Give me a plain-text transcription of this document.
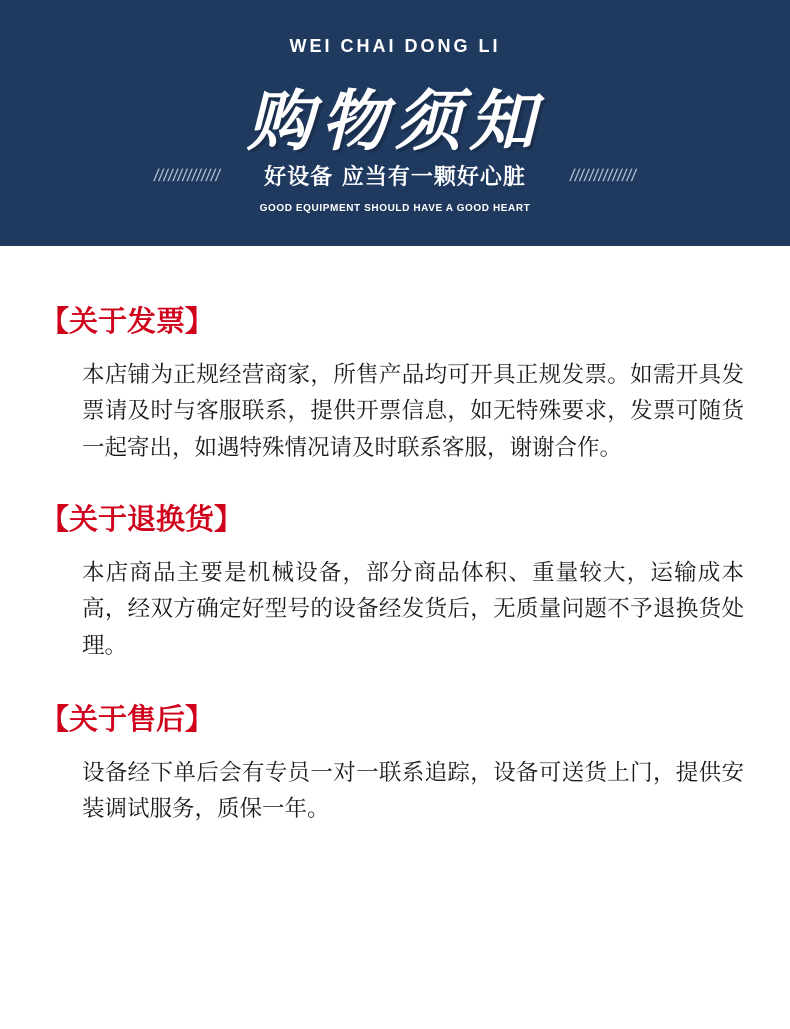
WEI CHAI DONG LI
购物须知
////////////// 好设备 应当有一颗好心脏	//////////////
GOOD EQUIPMENT SHOULD HAVE A GOOD HEART
【关于发票】
本店铺为正规经营商家，所售产品均可开具正规发票。如需开具发票请及时与客服联系，提供开票信息，如无特殊要求，发票可随货一起寄出，如遇特殊情况请及时联系客服，谢谢合作。
【关于退换货】
本店商品主要是机械设备，部分商品体积、重量较大，运输成本高，经双方确定好型号的设备经发货后，无质量问题不予退换货处理。
【关于售后】
设备经下单后会有专员一对一联系追踪，设备可送货上门，提供安装调试服务，质保一年。
